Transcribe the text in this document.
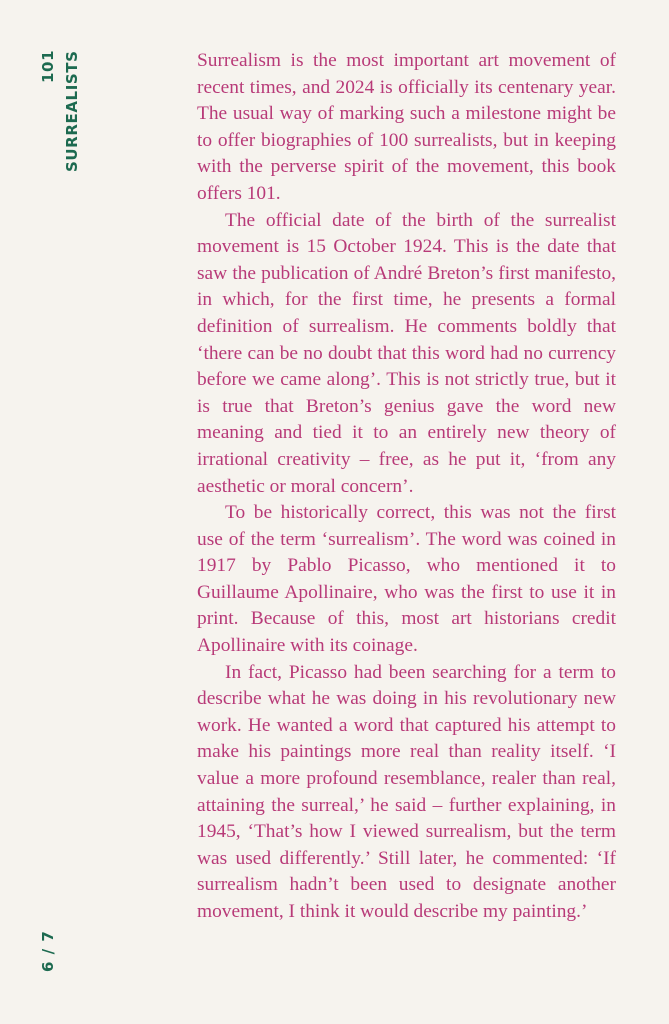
101 SURREALISTS	Surrealism is the most important art movement of recent times, and 2024 is officially its centenary year. The usual way of marking such a milestone might be to offer biographies of 100 surrealists, but in keeping with the perverse spirit of the movement, this book offers 101.

The official date of the birth of the surrealist movement is 15 October 1924. This is the date that saw the publication of André Breton’s first manifesto, in which, for the first time, he presents a formal definition of surrealism. He comments boldly that ‘there can be no doubt that this word had no currency before we came along’. This is not strictly true, but it is true that Breton’s genius gave the word new meaning and tied it to an entirely new theory of irrational creativity – free, as he put it, ‘from any aesthetic or moral concern’.

To be historically correct, this was not the first use of the term ‘surrealism’. The word was coined in 1917 by Pablo Picasso, who mentioned it to Guillaume Apollinaire, who was the first to use it in print. Because of this, most art historians credit Apollinaire with its coinage.

In fact, Picasso had been searching for a term to describe what he was doing in his revolutionary new work. He wanted a word that captured his attempt to make his paintings more real than reality itself. ‘I value a more profound resemblance, realer than real, attaining the surreal,’ he said – further explaining, in 1945, ‘That’s how I viewed surrealism, but the term was used differently.’ Still later, he commented: ‘If surrealism hadn’t been used to designate another movement, I think it would describe my painting.’

6 / 7
